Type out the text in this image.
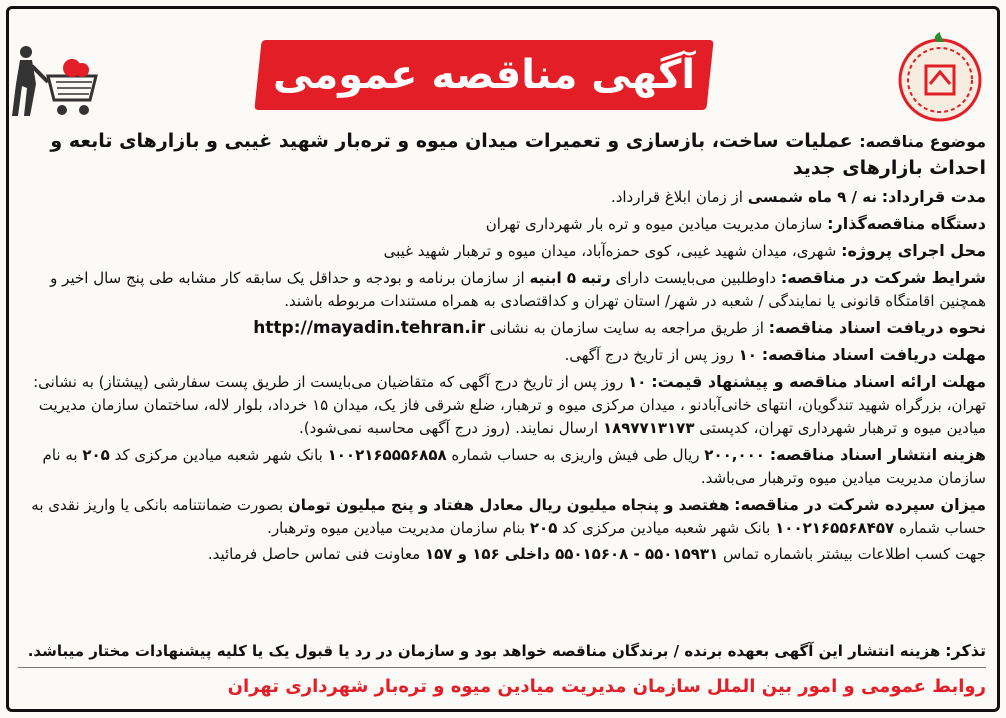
آگهی مناقصه عمومی
موضوع مناقصه: عملیات ساخت، بازسازی و تعمیرات میدان میوه و تره‌بار شهید غیبی و بازارهای تابعه و احداث بازارهای جدید
مدت قرارداد: نه / ۹ ماه شمسی از زمان ابلاغ قرارداد.
دستگاه مناقصه‌گذار: سازمان مدیریت میادین میوه و تره بار شهرداری تهران
محل اجرای پروژه: شهری، میدان شهید غیبی، کوی حمزه‌آباد، میدان میوه و ترهبار شهید غیبی
شرایط شرکت در مناقصه: داوطلبین می‌بایست دارای رتبه ۵ ابنیه از سازمان برنامه و بودجه و حداقل یک سابقه کار مشابه طی پنج سال اخیر و همچنین اقامتگاه قانونی یا نمایندگی / شعبه در شهر/ استان تهران و کداقتصادی به همراه مستندات مربوطه باشند.
نحوه دریافت اسناد مناقصه: از طریق مراجعه به سایت سازمان به نشانی http://mayadin.tehran.ir
مهلت دریافت اسناد مناقصه: ۱۰ روز پس از تاریخ درج آگهی.
مهلت ارائه اسناد مناقصه و پیشنهاد قیمت: ۱۰ روز پس از تاریخ درج آگهی که متقاضیان می‌بایست از طریق پست سفارشی (پیشتاز) به نشانی: تهران، بزرگراه شهید تندگویان، انتهای خانی‌آبادنو ، میدان مرکزی میوه و ترهبار، ضلع شرقی فاز یک، میدان ۱۵ خرداد، بلوار لاله، ساختمان سازمان مدیریت میادین میوه و ترهبار شهرداری تهران، کدپستی ۱۸۹۷۷۱۳۱۷۳ ارسال نمایند. (روز درج آگهی محاسبه نمی‌شود).
هزینه انتشار اسناد مناقصه: ۲۰۰,۰۰۰ ریال طی فیش واریزی به حساب شماره ۱۰۰۲۱۶۵۵۵۶۸۵۸ بانک شهر شعبه میادین مرکزی کد ۲۰۵ به نام سازمان مدیریت میادین میوه وترهبار می‌باشد.
میزان سپرده شرکت در مناقصه: هفتصد و پنجاه میلیون ریال معادل هفتاد و پنج میلیون تومان بصورت ضمانتنامه بانکی یا واریز نقدی به حساب شماره ۱۰۰۲۱۶۵۵۶۸۴۵۷ بانک شهر شعبه میادین مرکزی کد ۲۰۵ بنام سازمان مدیریت میادین میوه وترهبار.
جهت کسب اطلاعات بیشتر باشماره تماس ۵۵۰۱۵۹۳۱ - ۵۵۰۱۵۶۰۸ داخلی ۱۵۶ و ۱۵۷ معاونت فنی تماس حاصل فرمائید.
تذکر: هزینه انتشار این آگهی بعهده برنده / برندگان مناقصه خواهد بود و سازمان در رد یا قبول یک یا کلیه پیشنهادات مختار میباشد.
روابط عمومی و امور بین الملل سازمان مدیریت میادین میوه و تره‌بار شهرداری تهران
